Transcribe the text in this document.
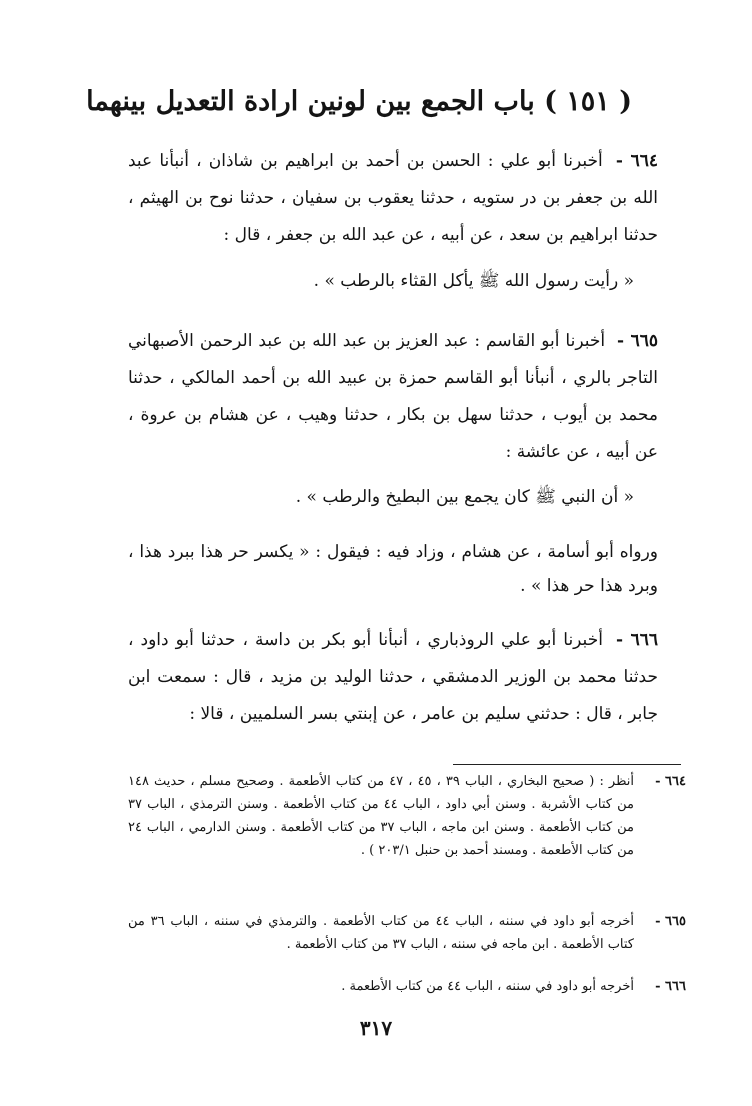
( ١٥١ ) باب الجمع بين لونين ارادة التعديل بينهما
٦٦٤ - أخبرنا أبو علي : الحسن بن أحمد بن ابراهيم بن شاذان ، أنبأنا عبد الله بن جعفر بن در ستويه ، حدثنا يعقوب بن سفيان ، حدثنا نوح بن الهيثم ، حدثنا ابراهيم بن سعد ، عن أبيه ، عن عبد الله بن جعفر ، قال :
« رأيت رسول الله ﷺ يأكل القثاء بالرطب » .
٦٦٥ - أخبرنا أبو القاسم : عبد العزيز بن عبد الله بن عبد الرحمن الأصبهاني التاجر بالري ، أنبأنا أبو القاسم حمزة بن عبيد الله بن أحمد المالكي ، حدثنا محمد بن أيوب ، حدثنا سهل بن بكار ، حدثنا وهيب ، عن هشام بن عروة ، عن أبيه ، عن عائشة :
« أن النبي ﷺ كان يجمع بين البطيخ والرطب » .
ورواه أبو أسامة ، عن هشام ، وزاد فيه : فيقول : « يكسر حر هذا ببرد هذا ، وبرد هذا حر هذا » .
٦٦٦ - أخبرنا أبو علي الروذباري ، أنبأنا أبو بكر بن داسة ، حدثنا أبو داود ، حدثنا محمد بن الوزير الدمشقي ، حدثنا الوليد بن مزيد ، قال : سمعت ابن جابر ، قال : حدثني سليم بن عامر ، عن إبنتي بسر السلميين ، قالا :
٦٦٤ -
أنظر : ( صحيح البخاري ، الباب ٣٩ ، ٤٥ ، ٤٧ من كتاب الأطعمة . وصحيح مسلم ، حديث ١٤٨ من كتاب الأشربة . وسنن أبي داود ، الباب ٤٤ من كتاب الأطعمة . وسنن الترمذي ، الباب ٣٧ من كتاب الأطعمة . وسنن ابن ماجه ، الباب ٣٧ من كتاب الأطعمة . وسنن الدارمي ، الباب ٢٤ من كتاب الأطعمة . ومسند أحمد بن حنبل ٢٠٣/١ ) .
٦٦٥ -
أخرجه أبو داود في سننه ، الباب ٤٤ من كتاب الأطعمة . والترمذي في سننه ، الباب ٣٦ من كتاب الأطعمة . ابن ماجه في سننه ، الباب ٣٧ من كتاب الأطعمة .
٦٦٦ -
أخرجه أبو داود في سننه ، الباب ٤٤ من كتاب الأطعمة .
٣١٧
